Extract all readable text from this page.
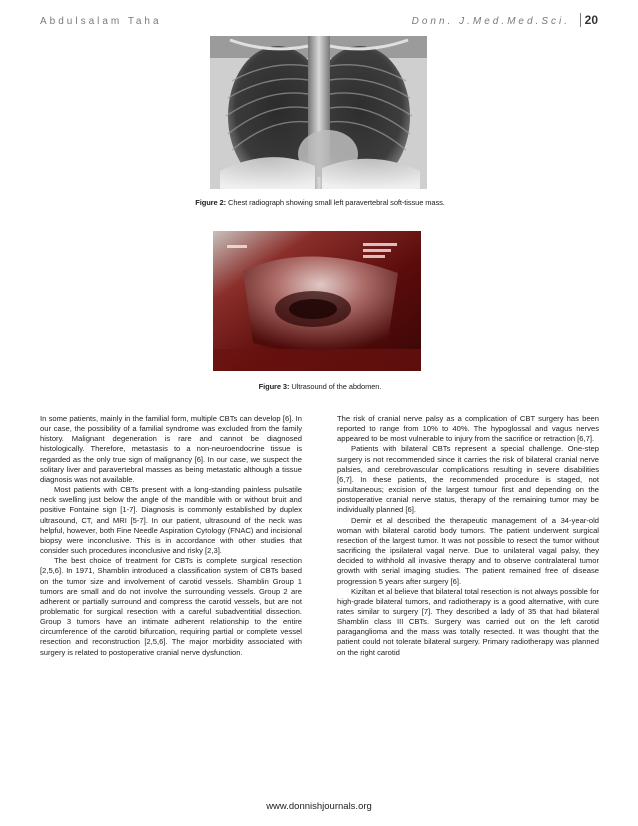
Abdulsalam Taha	Donn. J.Med.Med.Sci.	20
Figure 2: Chest radiograph showing small left paravertebral soft-tissue mass.
Figure 3: Ultrasound of the abdomen.

In some patients, mainly in the familial form, multiple CBTs can develop [6]. In our case, the possibility of a familial syndrome was excluded from the family history. Malignant degeneration is rare and cannot be diagnosed histologically. Therefore, metastasis to a non-neuroendocrine tissue is regarded as the only true sign of malignancy [6]. In our case, we suspect the solitary liver and paravertebral masses as being metastatic although a tissue diagnosis was not available.

Most patients with CBTs present with a long-standing painless pulsatile neck swelling just below the angle of the mandible with or without bruit and positive Fontaine sign [1-7]. Diagnosis is commonly established by duplex ultrasound, CT, and MRI [5-7]. In our patient, ultrasound of the neck was helpful, however, both Fine Needle Aspiration Cytology (FNAC) and incisional biopsy were inconclusive. This is in accordance with other studies that consider such procedures inconclusive and risky [2,3].

The best choice of treatment for CBTs is complete surgical resection [2,5,6]. In 1971, Shamblin introduced a classification system of CBTs based on the tumor size and involvement of carotid vessels. Shamblin Group 1 tumors are small and do not involve the surrounding vessels. Group 2 are adherent or partially surround and compress the carotid vessels, but are not problematic for surgical resection with a careful subadventitial dissection. Group 3 tumors have an intimate adherent relationship to the entire circumference of the carotid bifurcation, requiring partial or complete vessel resection and reconstruction [2,5,6]. The major morbidity associated with surgery is related to postoperative cranial nerve dysfunction.

The risk of cranial nerve palsy as a complication of CBT surgery has been reported to range from 10% to 40%. The hypoglossal and vagus nerves appeared to be most vulnerable to injury from the sacrifice or retraction [6,7].

Patients with bilateral CBTs represent a special challenge. One-step surgery is not recommended since it carries the risk of bilateral cranial nerve palsies, and cerebrovascular complications resulting in severe disabilities [6,7]. In these patients, the recommended procedure is staged, not simultaneous; excision of the largest tumour first and depending on the postoperative cranial nerve status, therapy of the remaining tumor may be individually planned [6].

Demir et al described the therapeutic management of a 34-year-old woman with bilateral carotid body tumors. The patient underwent surgical resection of the largest tumor. It was not possible to resect the tumor without sacrificing the ipsilateral vagal nerve. Due to unilateral vagal palsy, they decided to withhold all invasive therapy and to observe contralateral tumor growth with serial imaging studies. The patient remained free of disease progression 5 years after surgery [6].

Kiziltan et al believe that bilateral total resection is not always possible for high-grade bilateral tumors, and radiotherapy is a good alternative, with cure rates similar to surgery [7]. They described a lady of 35 that had bilateral Shamblin class III CBTs. Surgery was carried out on the left carotid paraganglioma and the mass was totally resected. It was thought that the patient could not tolerate bilateral surgery. Primary radiotherapy was planned on the right carotid

www.donnishjournals.org
